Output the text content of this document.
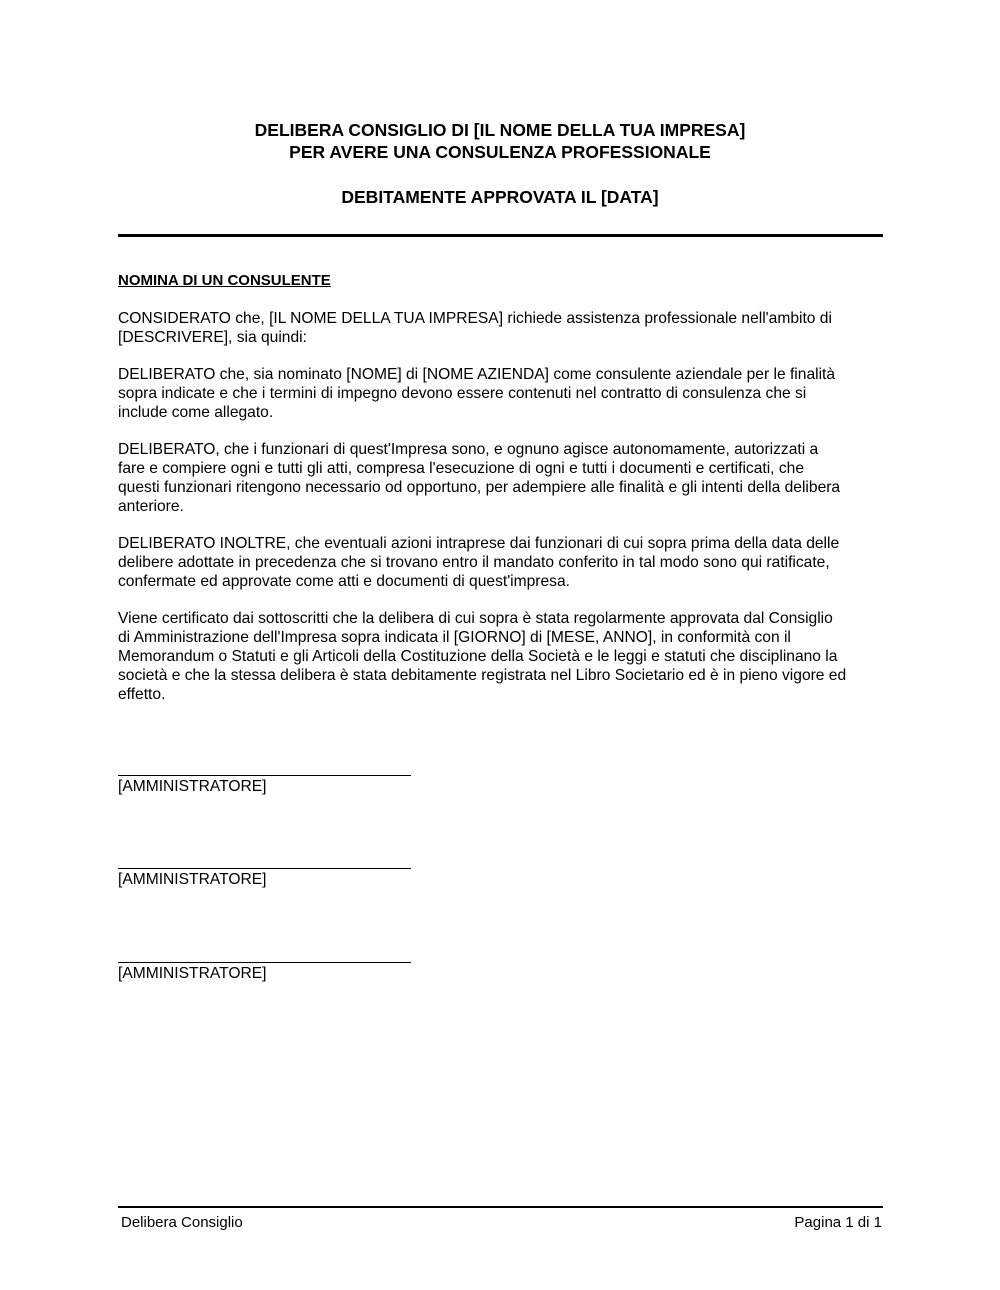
DELIBERA CONSIGLIO DI [IL NOME DELLA TUA IMPRESA]
PER AVERE UNA CONSULENZA PROFESSIONALE
DEBITAMENTE APPROVATA IL [DATA]
NOMINA DI UN CONSULENTE
CONSIDERATO che, [IL NOME DELLA TUA IMPRESA] richiede assistenza professionale nell'ambito di
[DESCRIVERE], sia quindi:
DELIBERATO che, sia nominato [NOME] di [NOME AZIENDA] come consulente aziendale per le finalità
sopra indicate e che i termini di impegno devono essere contenuti nel contratto di consulenza che si
include come allegato.
DELIBERATO, che i funzionari di quest'Impresa sono, e ognuno agisce autonomamente, autorizzati a
fare e compiere ogni e tutti gli atti, compresa l'esecuzione di ogni e tutti i documenti e certificati, che
questi funzionari ritengono necessario od opportuno, per adempiere alle finalità e gli intenti della delibera
anteriore.
DELIBERATO INOLTRE, che eventuali azioni intraprese dai funzionari di cui sopra prima della data delle
delibere adottate in precedenza che si trovano entro il mandato conferito in tal modo sono qui ratificate,
confermate ed approvate come atti e documenti di quest'impresa.
Viene certificato dai sottoscritti che la delibera di cui sopra è stata regolarmente approvata dal Consiglio
di Amministrazione dell'Impresa sopra indicata il [GIORNO] di [MESE, ANNO], in conformità con il
Memorandum o Statuti e gli Articoli della Costituzione della Società e le leggi e statuti che disciplinano la
società e che la stessa delibera è stata debitamente registrata nel Libro Societario ed è in pieno vigore ed
effetto.
[AMMINISTRATORE]
[AMMINISTRATORE]
[AMMINISTRATORE]
Delibera Consiglio	Pagina 1 di 1
